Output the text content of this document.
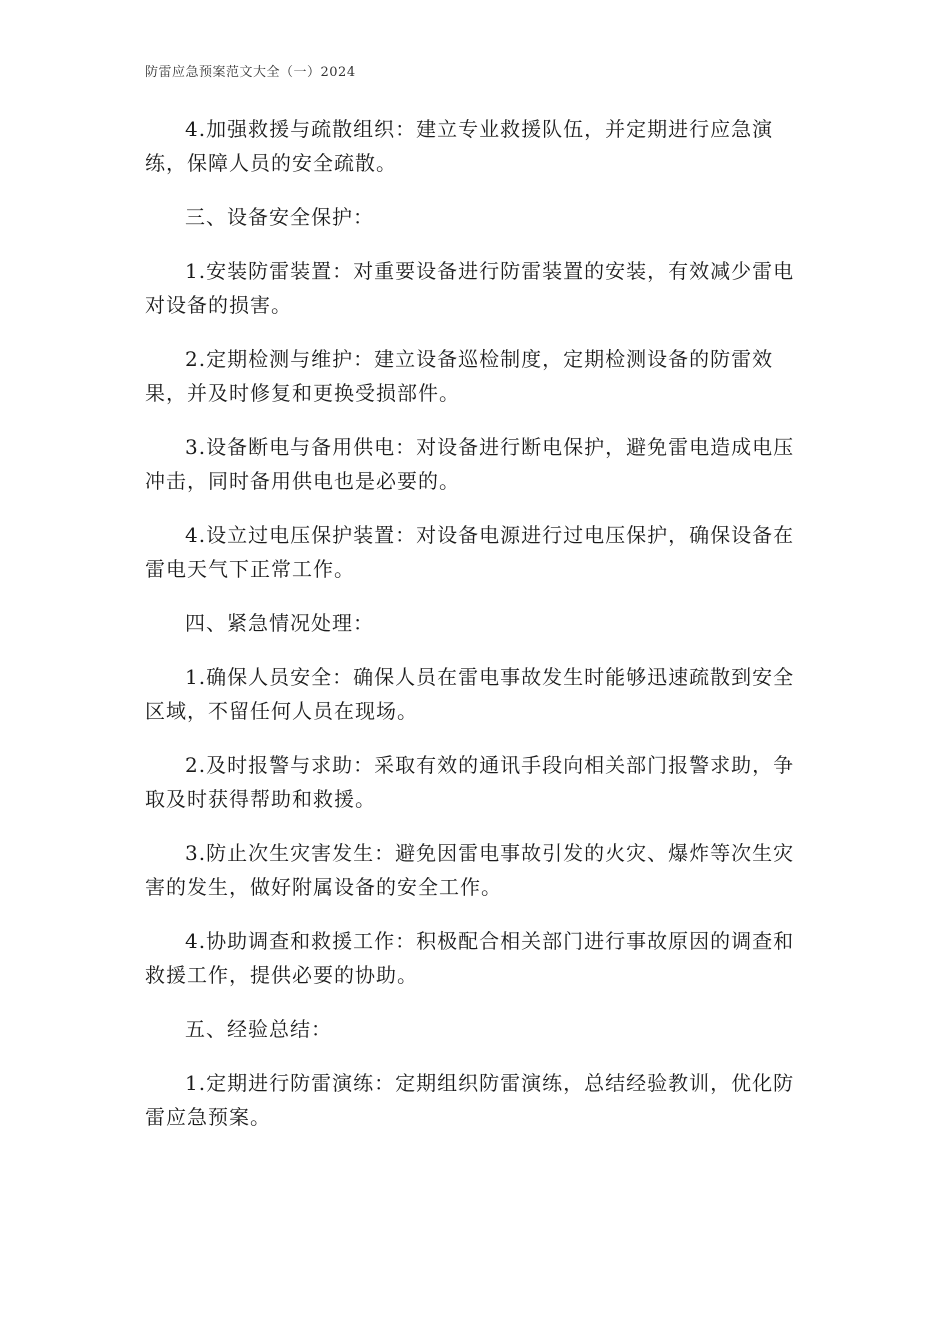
防雷应急预案范文大全（一）2024

4.加强救援与疏散组织：建立专业救援队伍，并定期进行应急演练，保障人员的安全疏散。

三、设备安全保护：

1.安装防雷装置：对重要设备进行防雷装置的安装，有效减少雷电对设备的损害。

2.定期检测与维护：建立设备巡检制度，定期检测设备的防雷效果，并及时修复和更换受损部件。

3.设备断电与备用供电：对设备进行断电保护，避免雷电造成电压冲击，同时备用供电也是必要的。

4.设立过电压保护装置：对设备电源进行过电压保护，确保设备在雷电天气下正常工作。

四、紧急情况处理：

1.确保人员安全：确保人员在雷电事故发生时能够迅速疏散到安全区域，不留任何人员在现场。

2.及时报警与求助：采取有效的通讯手段向相关部门报警求助，争取及时获得帮助和救援。

3.防止次生灾害发生：避免因雷电事故引发的火灾、爆炸等次生灾害的发生，做好附属设备的安全工作。

4.协助调查和救援工作：积极配合相关部门进行事故原因的调查和救援工作，提供必要的协助。

五、经验总结：

1.定期进行防雷演练：定期组织防雷演练，总结经验教训，优化防雷应急预案。
